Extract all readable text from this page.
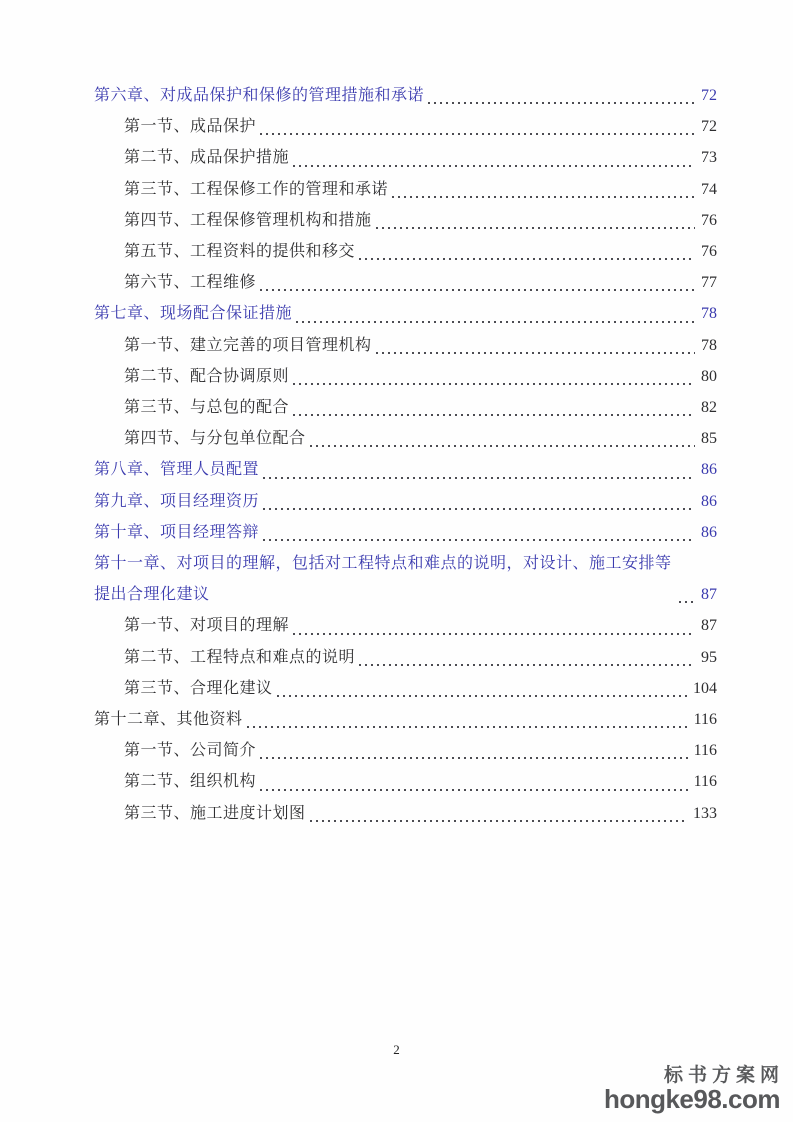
第六章、对成品保护和保修的管理措施和承诺	72
第一节、成品保护	72
第二节、成品保护措施	73
第三节、工程保修工作的管理和承诺	74
第四节、工程保修管理机构和措施	76
第五节、工程资料的提供和移交	76
第六节、工程维修	77
第七章、现场配合保证措施	78
第一节、建立完善的项目管理机构	78
第二节、配合协调原则	80
第三节、与总包的配合	82
第四节、与分包单位配合	85
第八章、管理人员配置	86
第九章、项目经理资历	86
第十章、项目经理答辩	86
第十一章、对项目的理解，包括对工程特点和难点的说明，对设计、施工安排等提出合理化建议	87
第一节、对项目的理解	87
第二节、工程特点和难点的说明	95
第三节、合理化建议	104
第十二章、其他资料	116
第一节、公司简介	116
第二节、组织机构	116
第三节、施工进度计划图	133
2
标书方案网
hongke98.com
